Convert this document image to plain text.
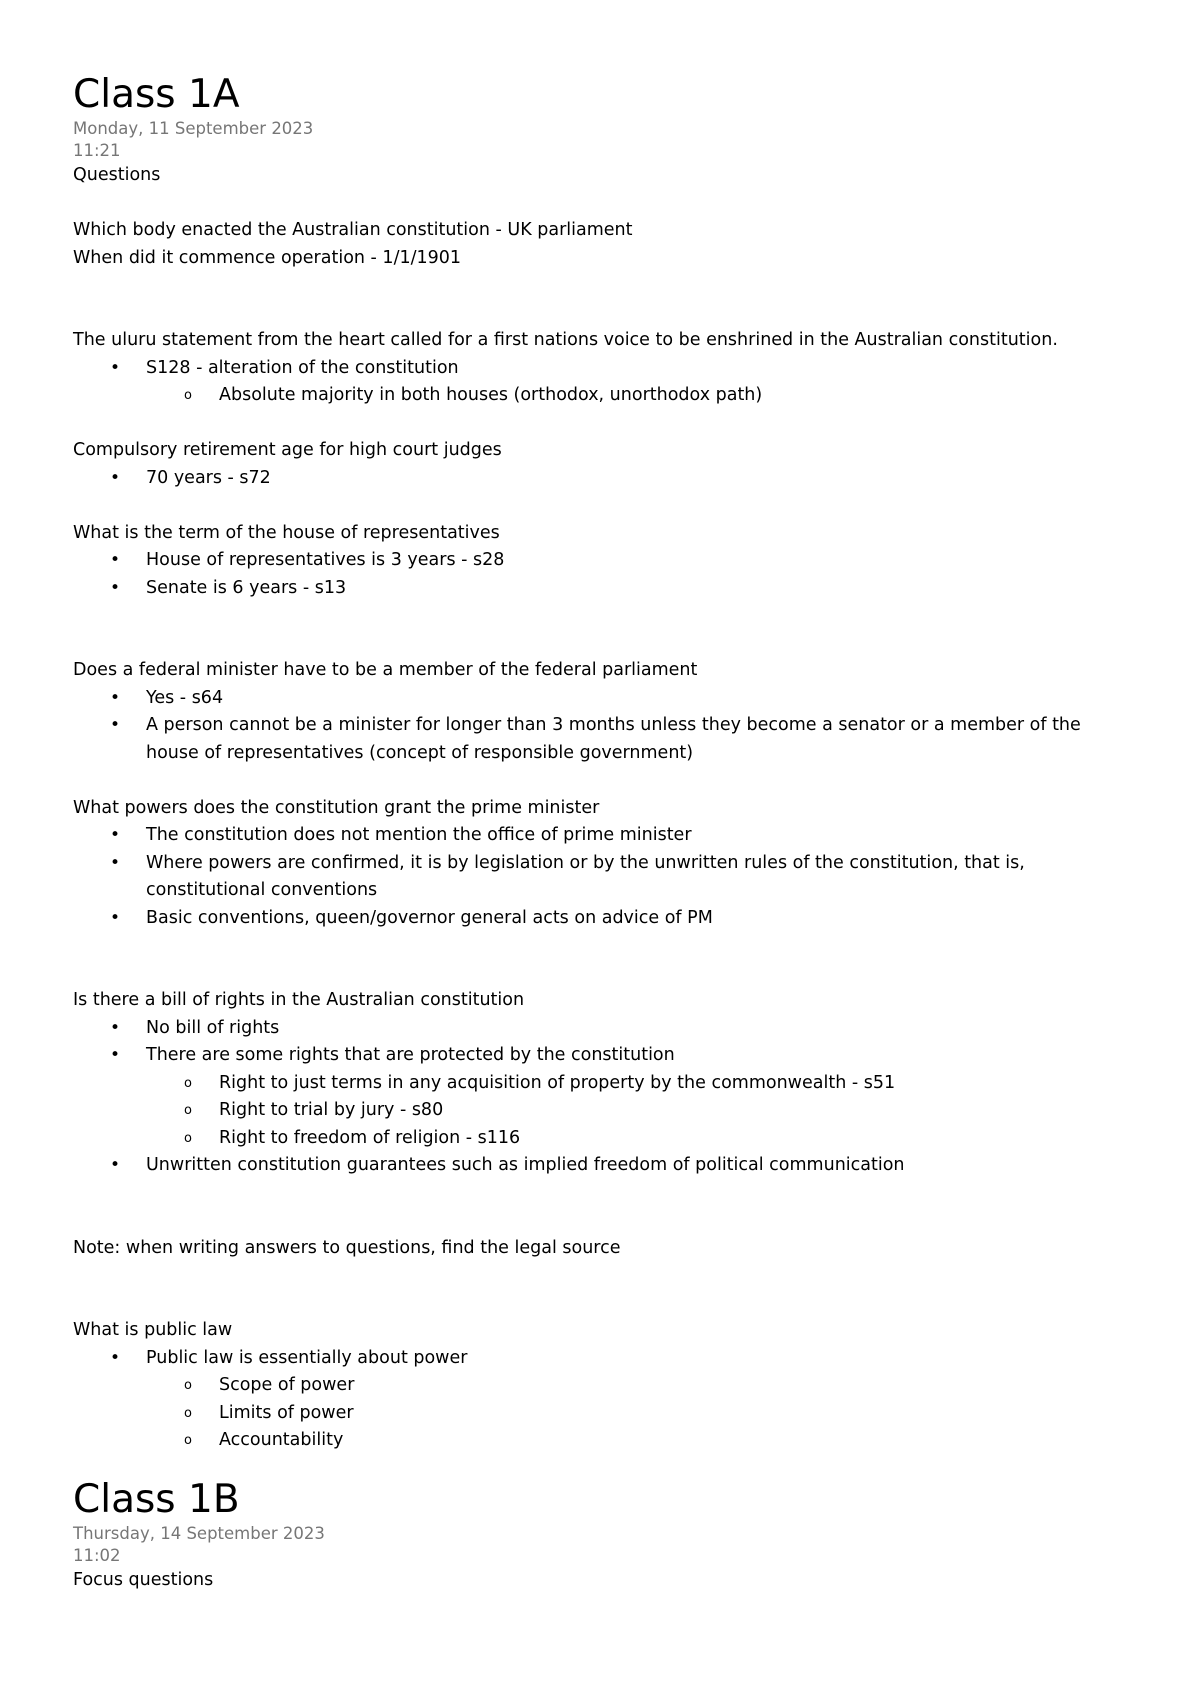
Class 1A
Monday, 11 September 2023
11:21
Questions
Which body enacted the Australian constitution - UK parliament
When did it commence operation - 1/1/1901
The uluru statement from the heart called for a first nations voice to be enshrined in the Australian constitution.
• S128 - alteration of the constitution
o Absolute majority in both houses (orthodox, unorthodox path)
Compulsory retirement age for high court judges
• 70 years - s72
What is the term of the house of representatives
• House of representatives is 3 years - s28
• Senate is 6 years - s13
Does a federal minister have to be a member of the federal parliament
• Yes - s64
• A person cannot be a minister for longer than 3 months unless they become a senator or a member of the house of representatives (concept of responsible government)
What powers does the constitution grant the prime minister
• The constitution does not mention the office of prime minister
• Where powers are confirmed, it is by legislation or by the unwritten rules of the constitution, that is, constitutional conventions
• Basic conventions, queen/governor general acts on advice of PM
Is there a bill of rights in the Australian constitution
• No bill of rights
• There are some rights that are protected by the constitution
o Right to just terms in any acquisition of property by the commonwealth - s51
o Right to trial by jury - s80
o Right to freedom of religion - s116
• Unwritten constitution guarantees such as implied freedom of political communication
Note: when writing answers to questions, find the legal source
What is public law
• Public law is essentially about power
o Scope of power
o Limits of power
o Accountability
Class 1B
Thursday, 14 September 2023
11:02
Focus questions
